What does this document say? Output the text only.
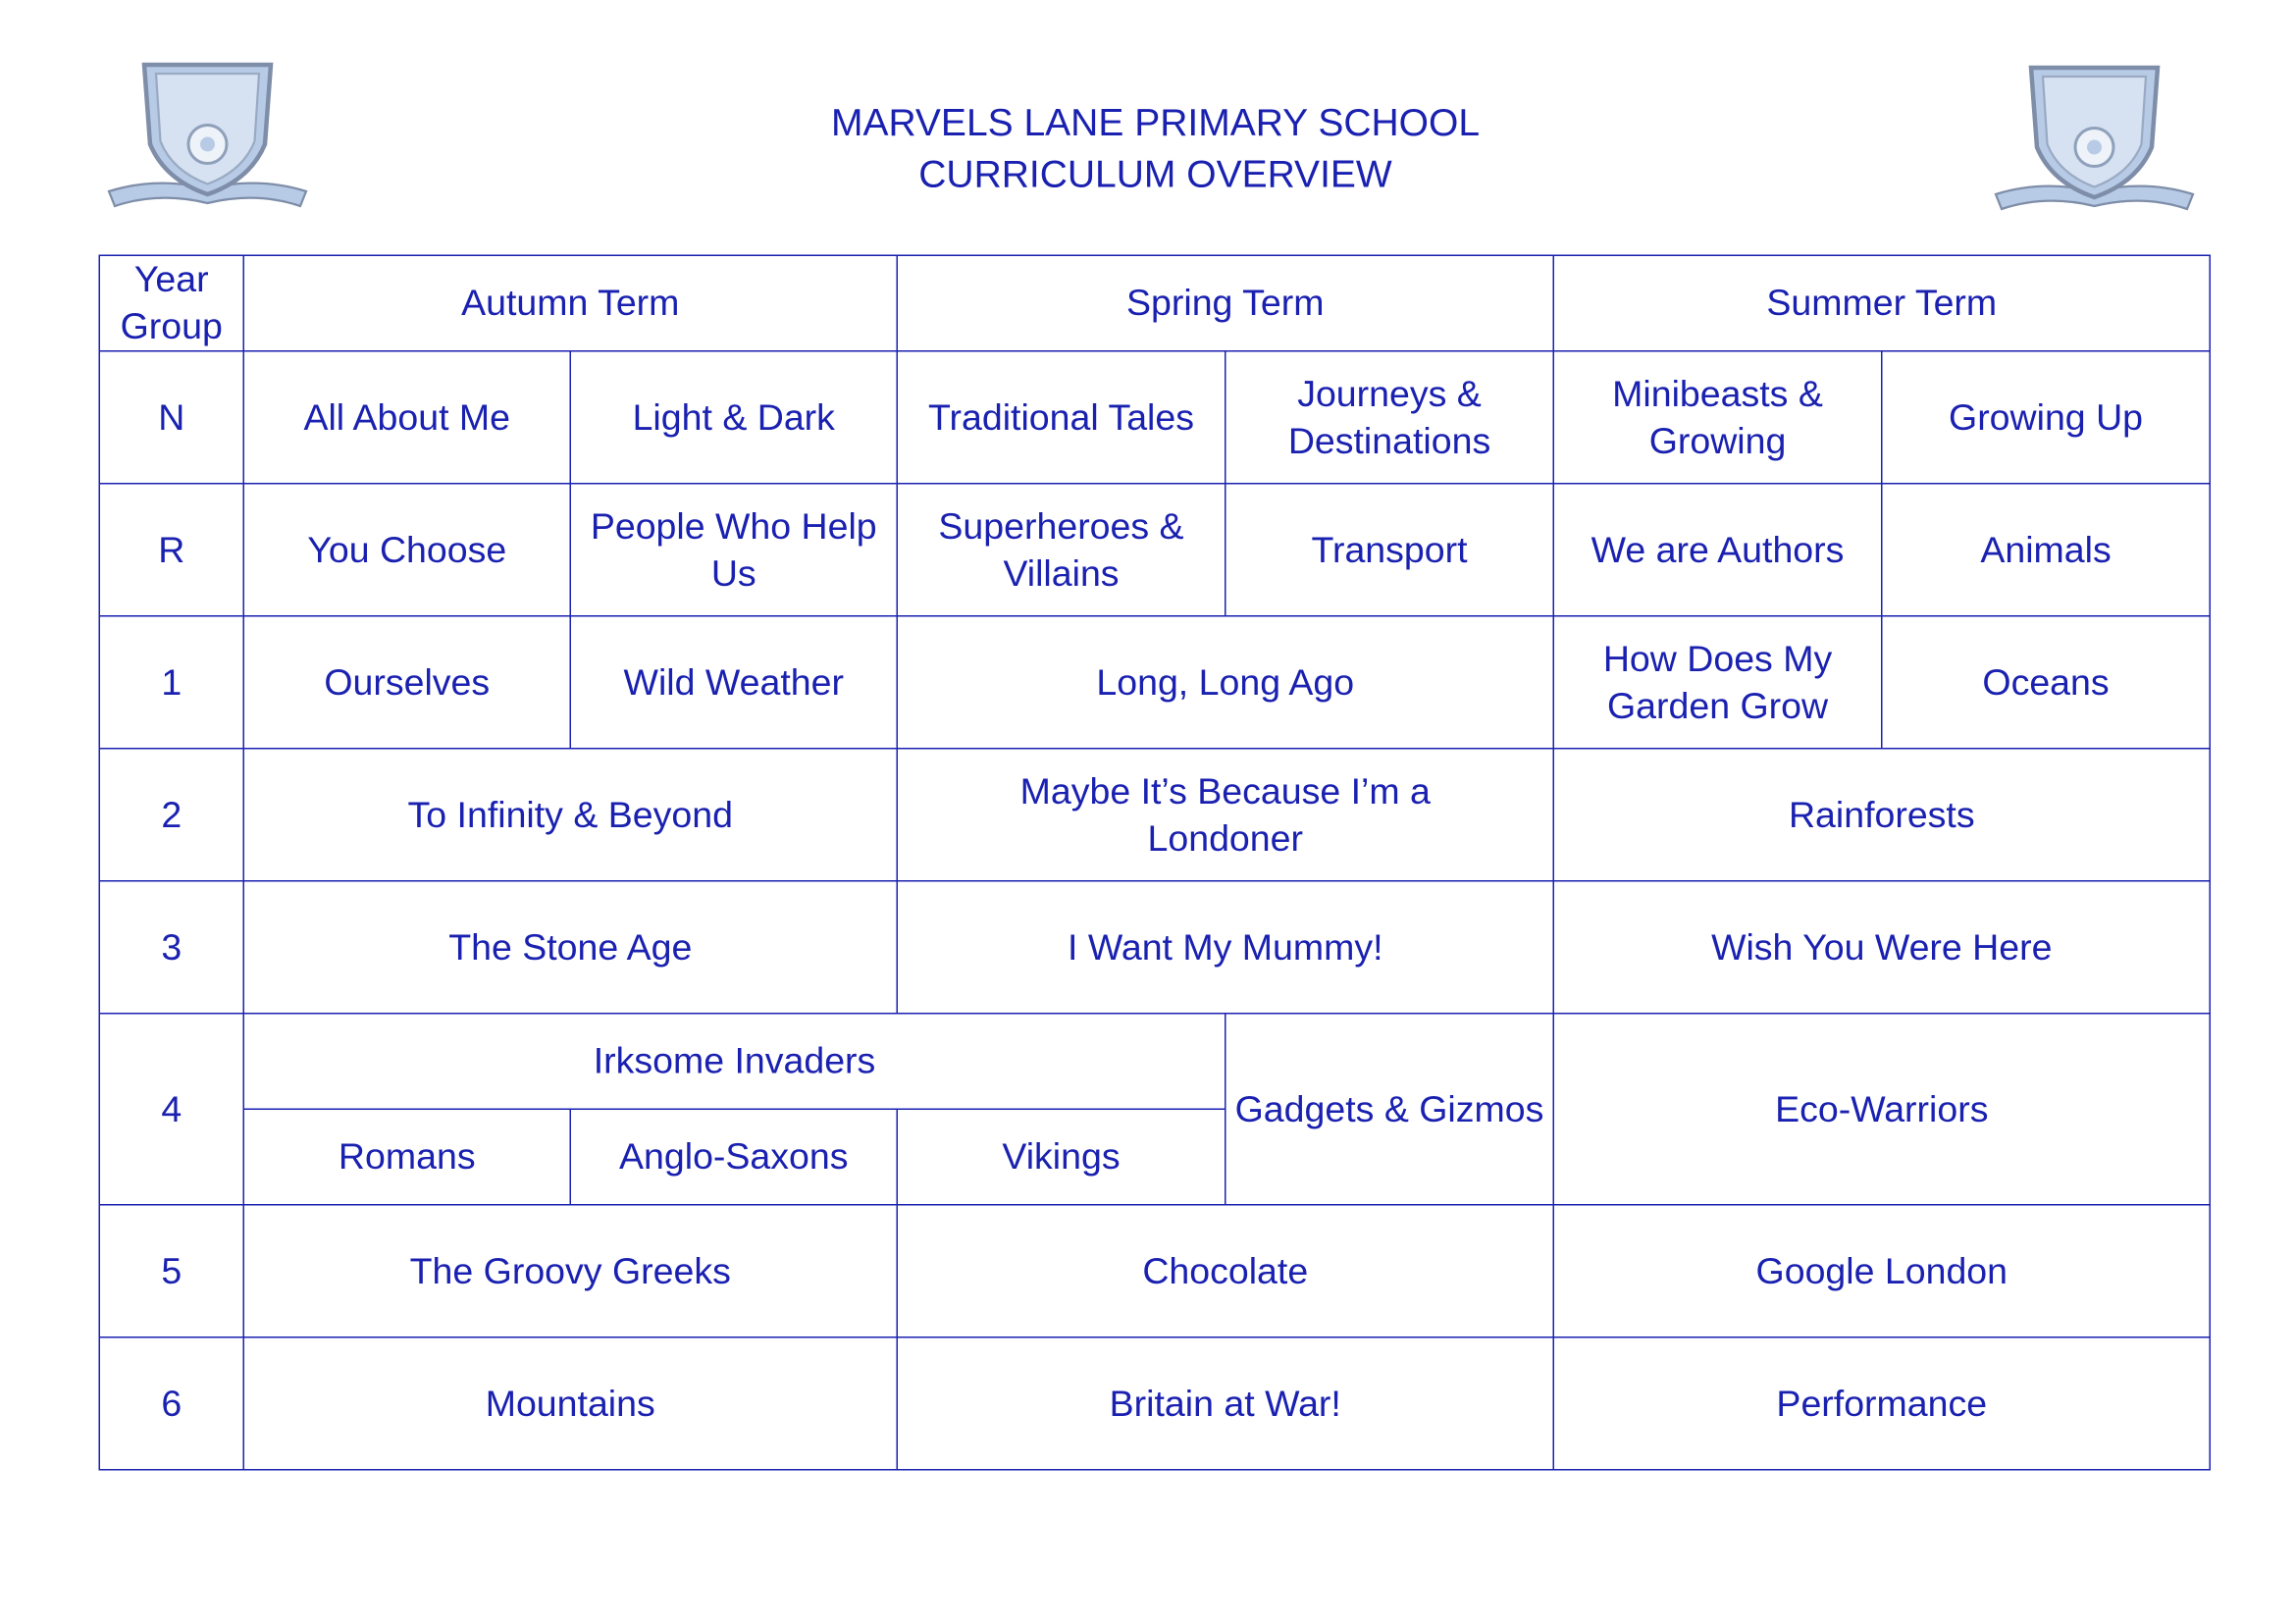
MARVELS LANE PRIMARY SCHOOL
CURRICULUM OVERVIEW
Year Group	Autumn Term		Spring Term		Summer Term	
N	All About Me	Light & Dark	Traditional Tales	Journeys & Destinations	Minibeasts & Growing	Growing Up
R	You Choose	People Who Help Us	Superheroes & Villains	Transport	We are Authors	Animals
1	Ourselves	Wild Weather	Long, Long Ago		How Does My Garden Grow	Oceans
2	To Infinity & Beyond		Maybe It’s Because I’m a Londoner		Rainforests	
3	The Stone Age		I Want My Mummy!		Wish You Were Here	
4	Irksome Invaders			Gadgets & Gizmos	Eco-Warriors	
	Romans	Anglo-Saxons	Vikings			
5	The Groovy Greeks		Chocolate		Google London	
6	Mountains		Britain at War!		Performance	
